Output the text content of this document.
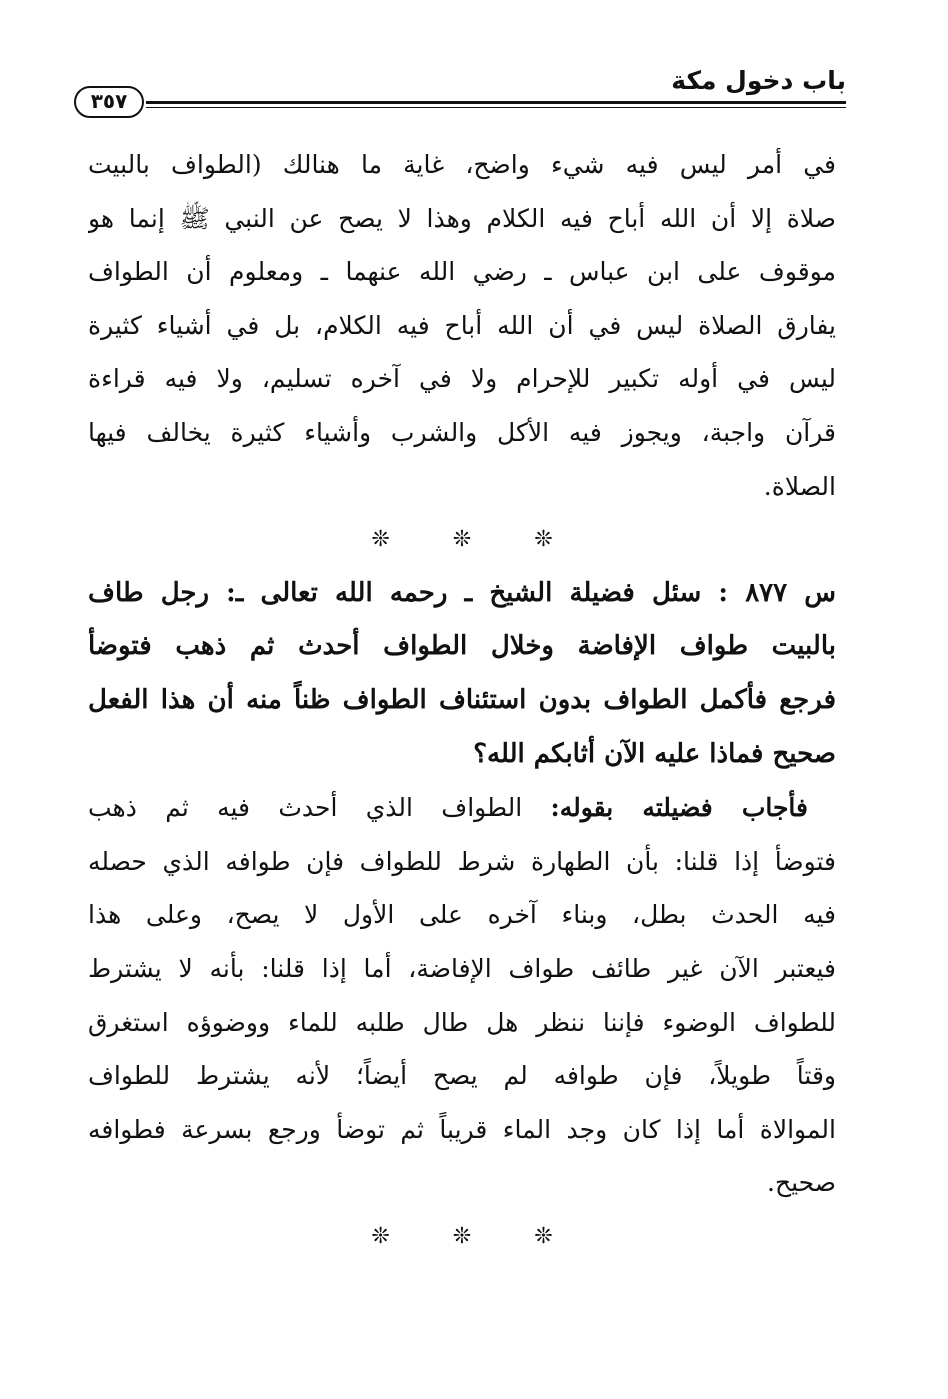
باب دخول مكة
٣٥٧
في أمر ليس فيه شيء واضح، غاية ما هنالك (الطواف بالبيت
صلاة إلا أن الله أباح فيه الكلام وهذا لا يصح عن النبي ﷺ إنما هو
موقوف على ابن عباس ـ رضي الله عنهما ـ ومعلوم أن الطواف
يفارق الصلاة ليس في أن الله أباح فيه الكلام، بل في أشياء كثيرة
ليس في أوله تكبير للإحرام ولا في آخره تسليم، ولا فيه قراءة
قرآن واجبة، ويجوز فيه الأكل والشرب وأشياء كثيرة يخالف فيها
الصلاة.
❊ ❊ ❊
س ٨٧٧ : سئل فضيلة الشيخ ـ رحمه الله تعالى ـ: رجل طاف
بالبيت طواف الإفاضة وخلال الطواف أحدث ثم ذهب فتوضأ
فرجع فأكمل الطواف بدون استئناف الطواف ظناً منه أن هذا الفعل
صحيح فماذا عليه الآن أثابكم الله؟
فأجاب فضيلته بقوله: الطواف الذي أحدث فيه ثم ذهب
فتوضأ إذا قلنا: بأن الطهارة شرط للطواف فإن طوافه الذي حصله
فيه الحدث بطل، وبناء آخره على الأول لا يصح، وعلى هذا
فيعتبر الآن غير طائف طواف الإفاضة، أما إذا قلنا: بأنه لا يشترط
للطواف الوضوء فإننا ننظر هل طال طلبه للماء ووضوؤه استغرق
وقتاً طويلاً، فإن طوافه لم يصح أيضاً؛ لأنه يشترط للطواف
الموالاة أما إذا كان وجد الماء قريباً ثم توضأ ورجع بسرعة فطوافه
صحيح.
❊ ❊ ❊
